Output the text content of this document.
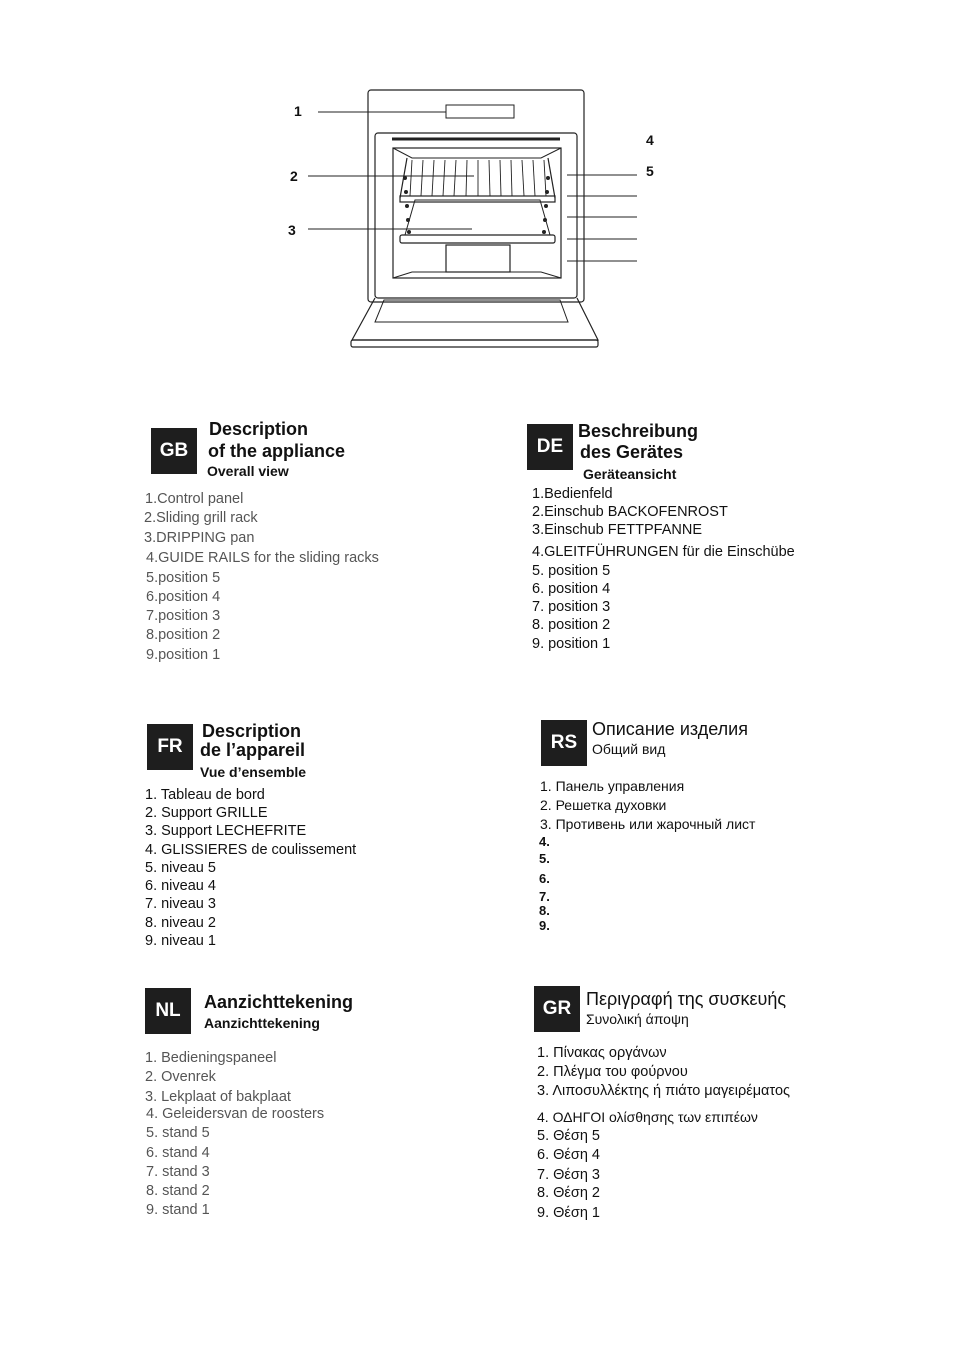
1
2
3
4
5
GB
Description
of the appliance
Overall view
1.Control panel
2.Sliding grill rack
3.DRIPPING pan
4.GUIDE RAILS for the sliding racks
5.position 5
6.position 4
7.position 3
8.position 2
9.position 1
DE
Beschreibung
des Gerätes
Geräteansicht
1.Bedienfeld
2.Einschub BACKOFENROST
3.Einschub FETTPFANNE
4.GLEITFÜHRUNGEN für die Einschübe
5. position 5
6. position 4
7. position 3
8. position 2
9. position 1
FR
Description
de l’appareil
Vue d’ensemble
1. Tableau de bord
2. Support GRILLE
3. Support LECHEFRITE
4. GLISSIERES de coulissement
5. niveau 5
6. niveau 4
7. niveau 3
8. niveau 2
9. niveau 1
RS
Описание изделия
Общий вид
1. Панель управления
2. Решетка духовки
3. Противень или жарочный лист
4.
5.
6.
7.
8.
9.
NL	Aanzichttekening
Aanzichttekening
1. Bedieningspaneel
2. Ovenrek
3. Lekplaat of bakplaat
4. Geleidersvan de roosters
5. stand 5
6. stand 4
7. stand 3
8. stand 2
9. stand 1
GR Περιγραφή της συσκευής
Συνολική άποψη
1. Πίνακας οργάνων
2. Πλέγμα του φούρνου
3. Λιποσυλλέκτης ή πιάτο μαγειρέματος
4. ΟΔΗΓΟΙ ολίσθησης των επιπέων
5. Θέση 5
6. Θέση 4
7. Θέση 3
8. Θέση 2
9. Θέση 1
